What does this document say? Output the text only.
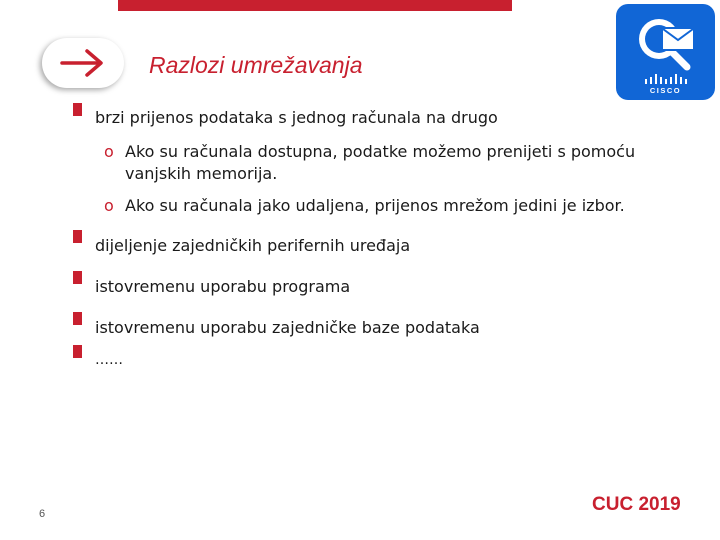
Razlozi umrežavanja
CISCO
brzi prijenos podataka s jednog računala na drugo
o Ako su računala dostupna, podatke možemo prenijeti s pomoću
vanjskih memorija.
o Ako su računala jako udaljena, prijenos mrežom jedini je izbor.
dijeljenje zajedničkih perifernih uređaja
istovremenu uporabu programa
istovremenu uporabu zajedničke baze podataka
……
6	CUC 2019
